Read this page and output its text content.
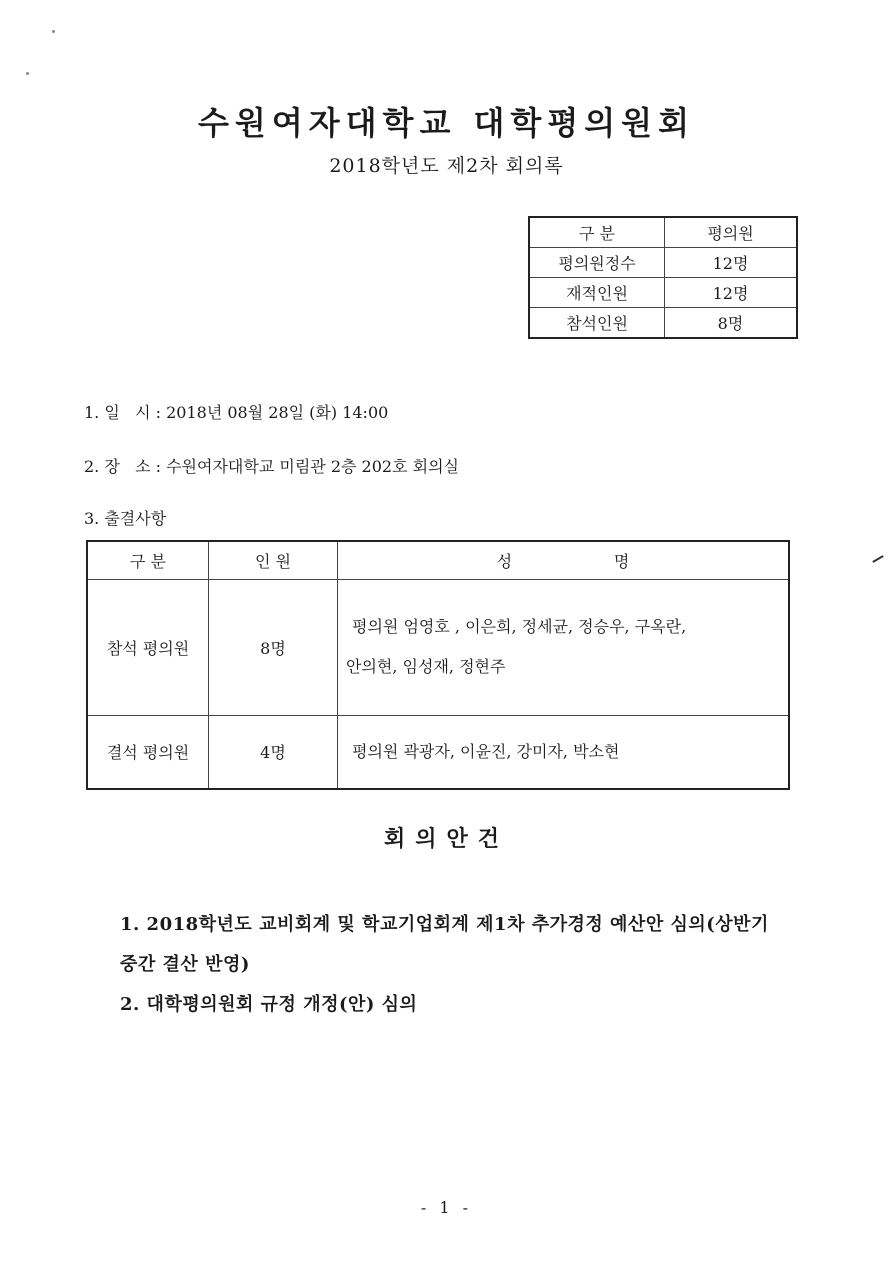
수원여자대학교 대학평의원회
2018학년도 제2차 회의록
구 분	평의원
평의원정수	12명
재적인원	12명
참석인원	8명
1. 일   시 : 2018년 08월 28일 (화) 14:00
2. 장   소 : 수원여자대학교 미림관 2층 202호 회의실
3. 출결사항
구 분	인 원	성                    명
참석 평의원	8명	평의원 엄영호 , 이은희, 정세균, 정승우, 구옥란,
안의현, 임성재, 정현주

결석 평의원	4명	평의원 곽광자, 이윤진, 강미자, 박소현
회의안건
1. 2018학년도 교비회계 및 학교기업회계 제1차 추가경정 예산안 심의(상반기
중간 결산 반영)
2. 대학평의원회 규정 개정(안) 심의
- 1 -
